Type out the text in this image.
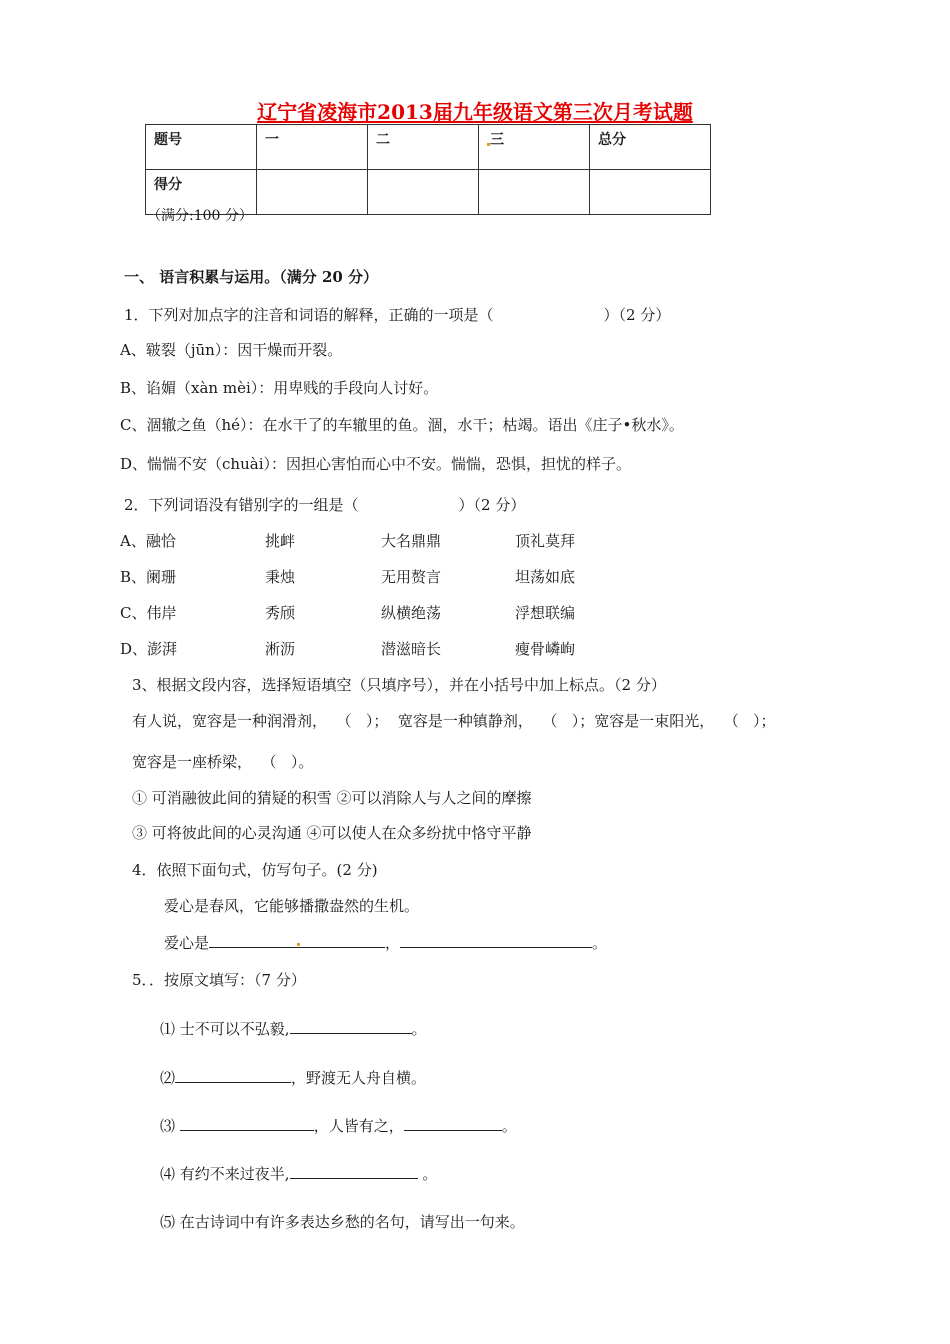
辽宁省凌海市2013届九年级语文第三次月考试题
题号	一	二	三	总分
得分				
（满分:100 分）
一、 语言积累与运用。（满分 20 分）
1．下列对加点字的注音和词语的解释，正确的一项是（	）（2 分）
A、皲裂（jūn）：因干燥而开裂。
B、谄媚（xàn mèi）：用卑贱的手段向人讨好。
C、涸辙之鱼（hé）：在水干了的车辙里的鱼。涸，水干；枯竭。语出《庄子•秋水》。
D、惴惴不安（chuài）：因担心害怕而心中不安。惴惴，恐惧，担忧的样子。
2．下列词语没有错别字的一组是（	）（2 分）
A、融恰	挑衅	大名鼎鼎	顶礼莫拜
B、阑珊	秉烛	无用赘言	坦荡如底
C、伟岸	秀颀	纵横绝荡	浮想联编
D、澎湃	淅沥	潜滋暗长	瘦骨嶙峋
3、根据文段内容，选择短语填空（只填序号），并在小括号中加上标点。（2 分）
有人说，宽容是一种润滑剂，  （   ）；  宽容是一种镇静剂，  （   ）；宽容是一束阳光，  （   ）；
宽容是一座桥梁，  （   ）。
① 可消融彼此间的猜疑的积雪 ②可以消除人与人之间的摩擦
③ 可将彼此间的心灵沟通 ④可以使人在众多纷扰中恪守平静
4．依照下面句式，仿写句子。(2 分)
爱心是春风，它能够播撒盎然的生机。
爱心是	，	。
5．．按原文填写：（7 分）
⑴ 士不可以不弘毅,	。
⑵	，野渡无人舟自横。
⑶	，人皆有之，	。
⑷ 有约不来过夜半,	。
⑸ 在古诗词中有许多表达乡愁的名句，请写出一句来。
